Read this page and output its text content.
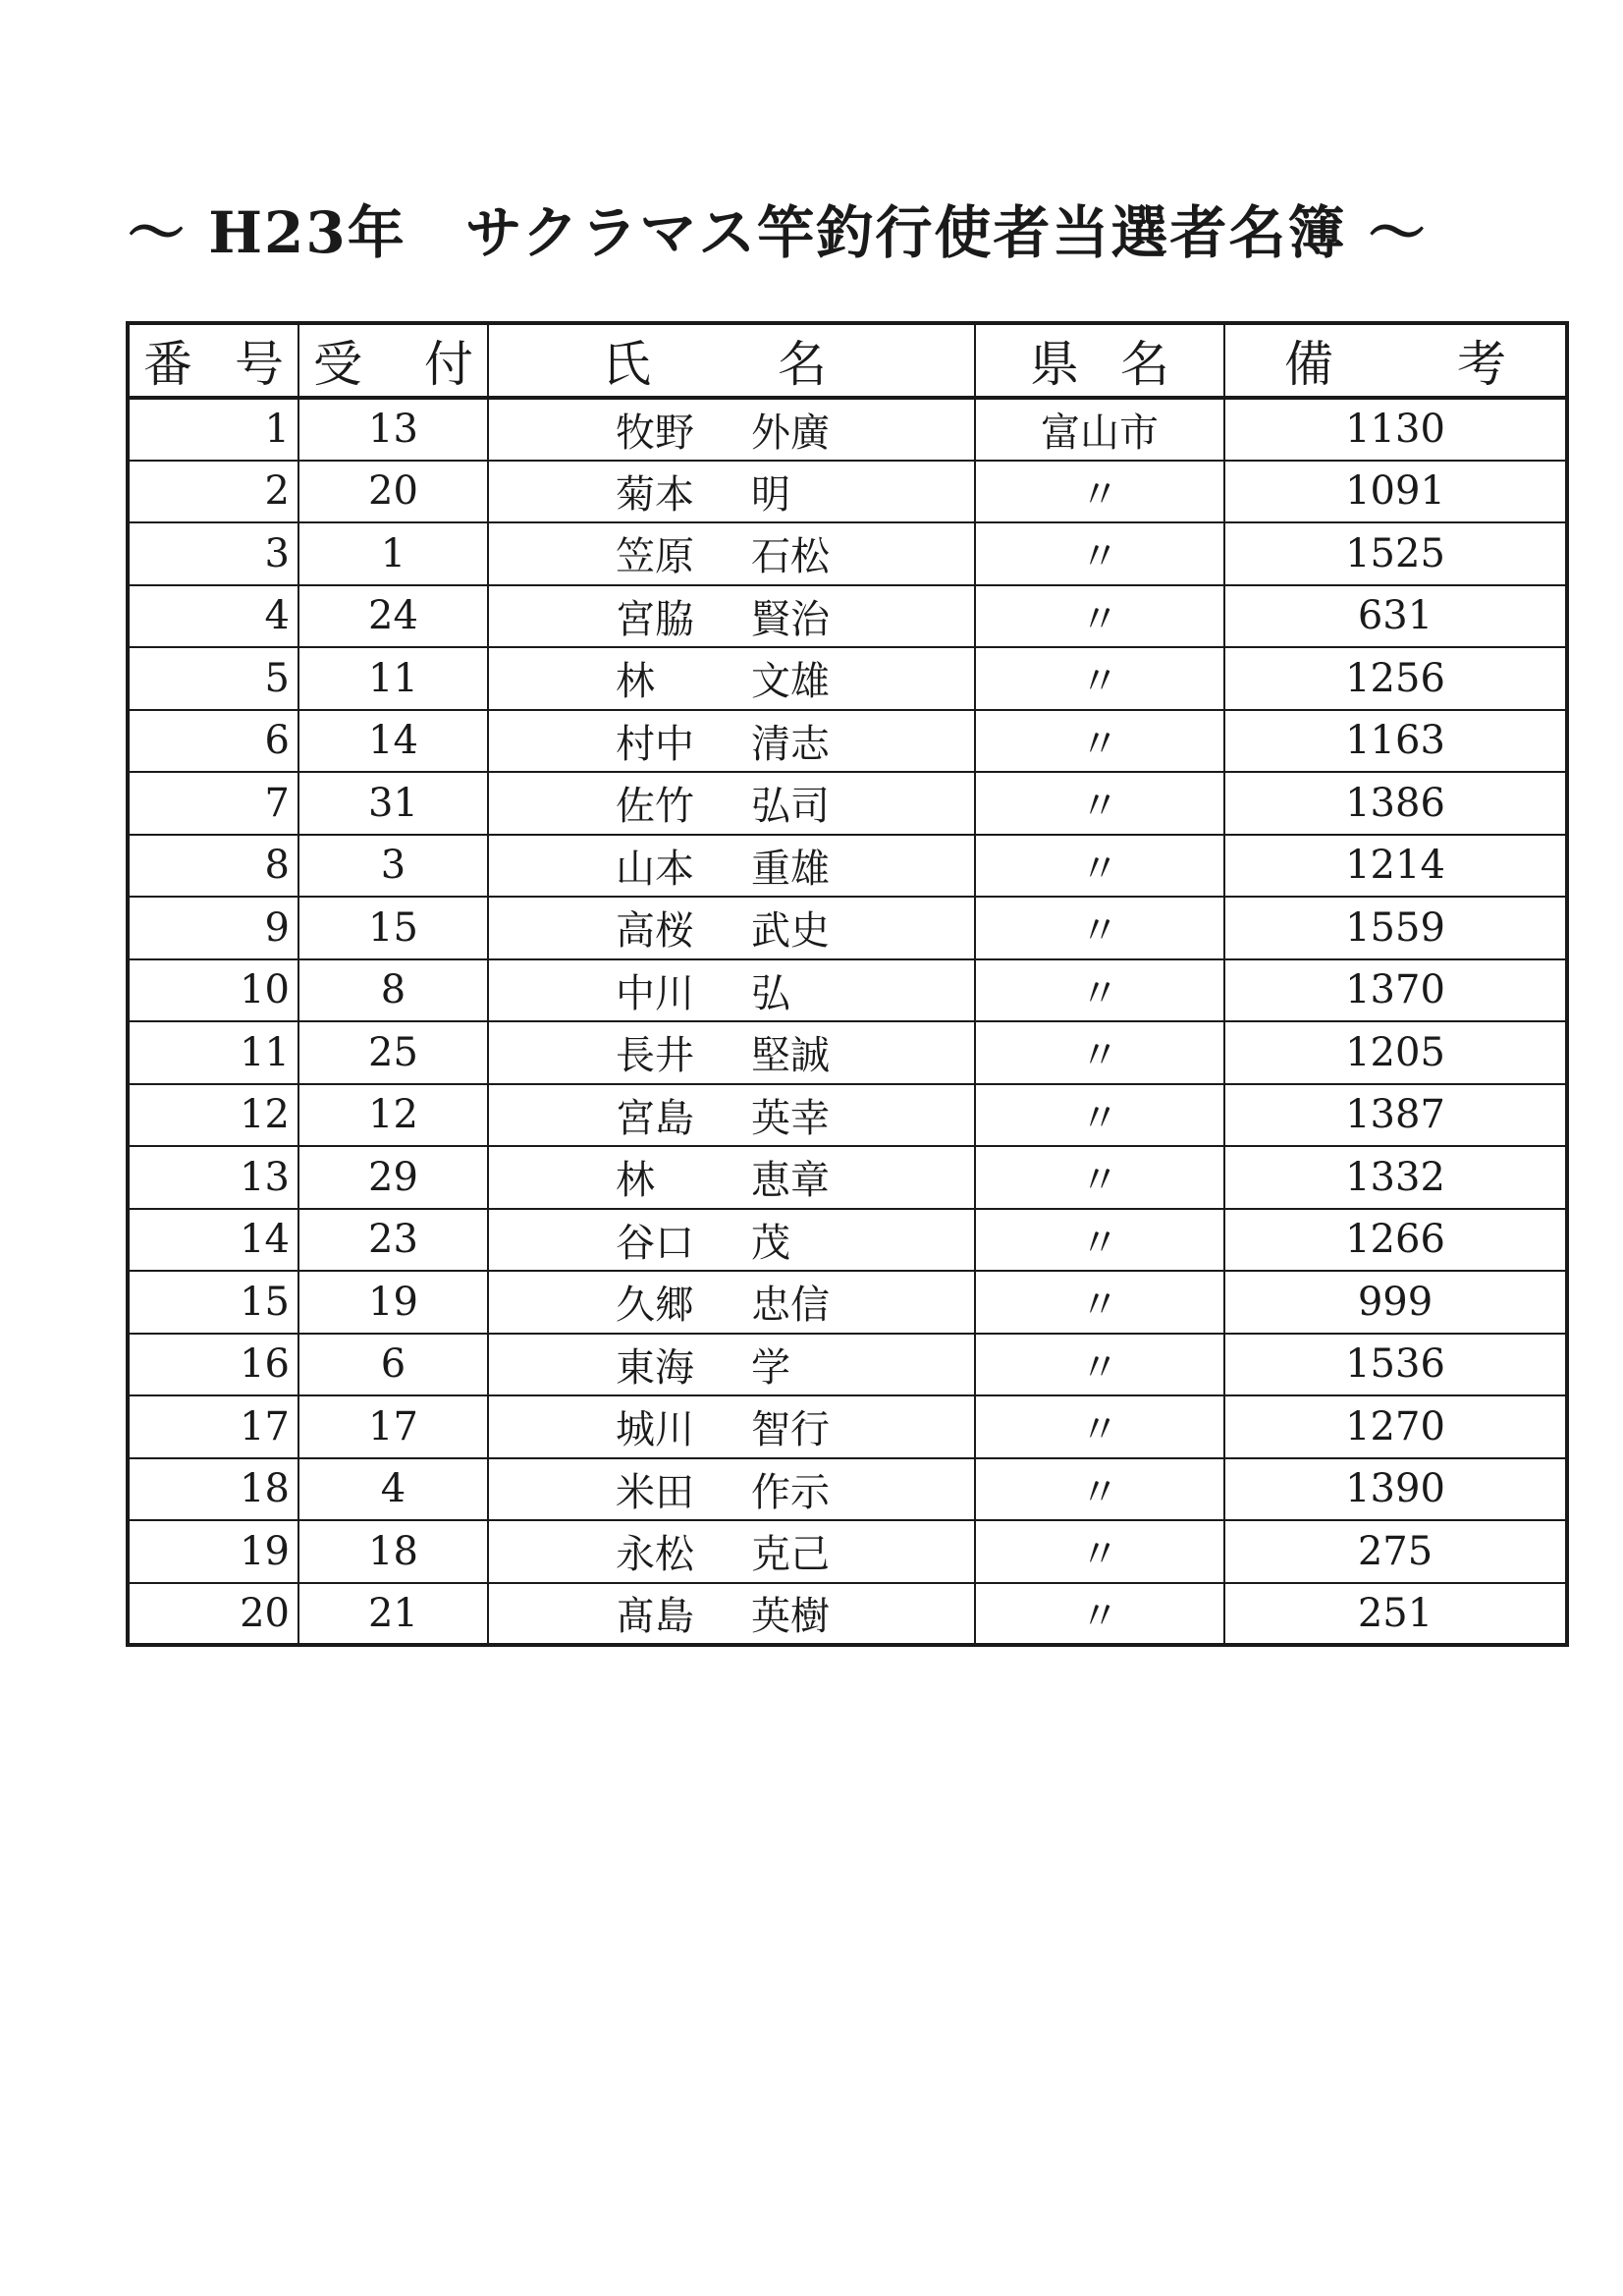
～ H23年　サクラマス竿釣行使者当選者名簿 ～
番 号	受 付	氏 名	県 名	備 考

1	13	牧野 外廣	富山市	1130
2	20	菊本 明	〃	1091
3	1	笠原 石松	〃	1525
4	24	宮脇 賢治	〃	631
5	11	林 文雄	〃	1256
6	14	村中 清志	〃	1163
7	31	佐竹 弘司	〃	1386
8	3	山本 重雄	〃	1214
9	15	高桜 武史	〃	1559
10	8	中川 弘	〃	1370
11	25	長井 堅誠	〃	1205
12	12	宮島 英幸	〃	1387
13	29	林 恵章	〃	1332
14	23	谷口 茂	〃	1266
15	19	久郷 忠信	〃	999
16	6	東海 学	〃	1536
17	17	城川 智行	〃	1270
18	4	米田 作示	〃	1390
19	18	永松 克己	〃	275
20	21	髙島 英樹	〃	251
